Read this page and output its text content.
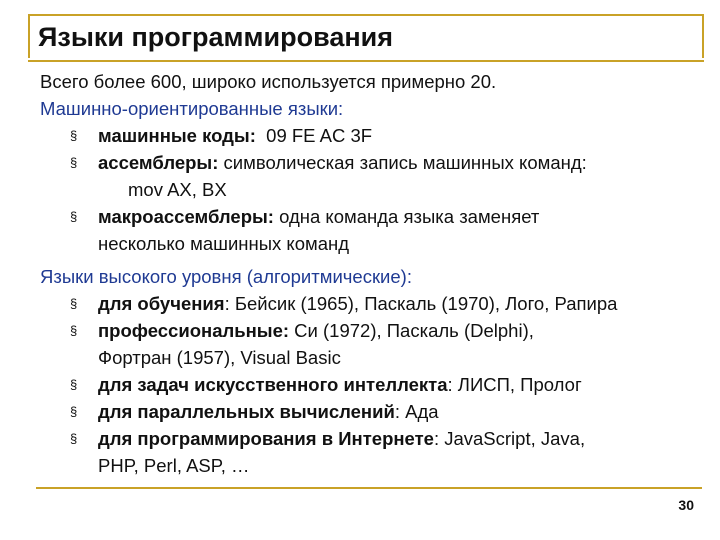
Языки программирования
Всего более 600, широко используется примерно 20.
Машинно-ориентированные языки:
§ машинные коды:  09 FE AC 3F
§ ассемблеры: символическая запись машинных команд:
mov AX, BX
§ макроассемблеры: одна команда языка заменяет
несколько машинных команд
Языки высокого уровня (алгоритмические):
§ для обучения: Бейсик (1965), Паскаль (1970), Лого, Рапира
§ профессиональные: Си (1972), Паскаль (Delphi),
Фортран (1957), Visual Basic
§ для задач искусственного интеллекта: ЛИСП, Пролог
§ для параллельных вычислений: Ада
§ для программирования в Интернете: JavaScript, Java,
PHP, Perl, ASP, …
30
